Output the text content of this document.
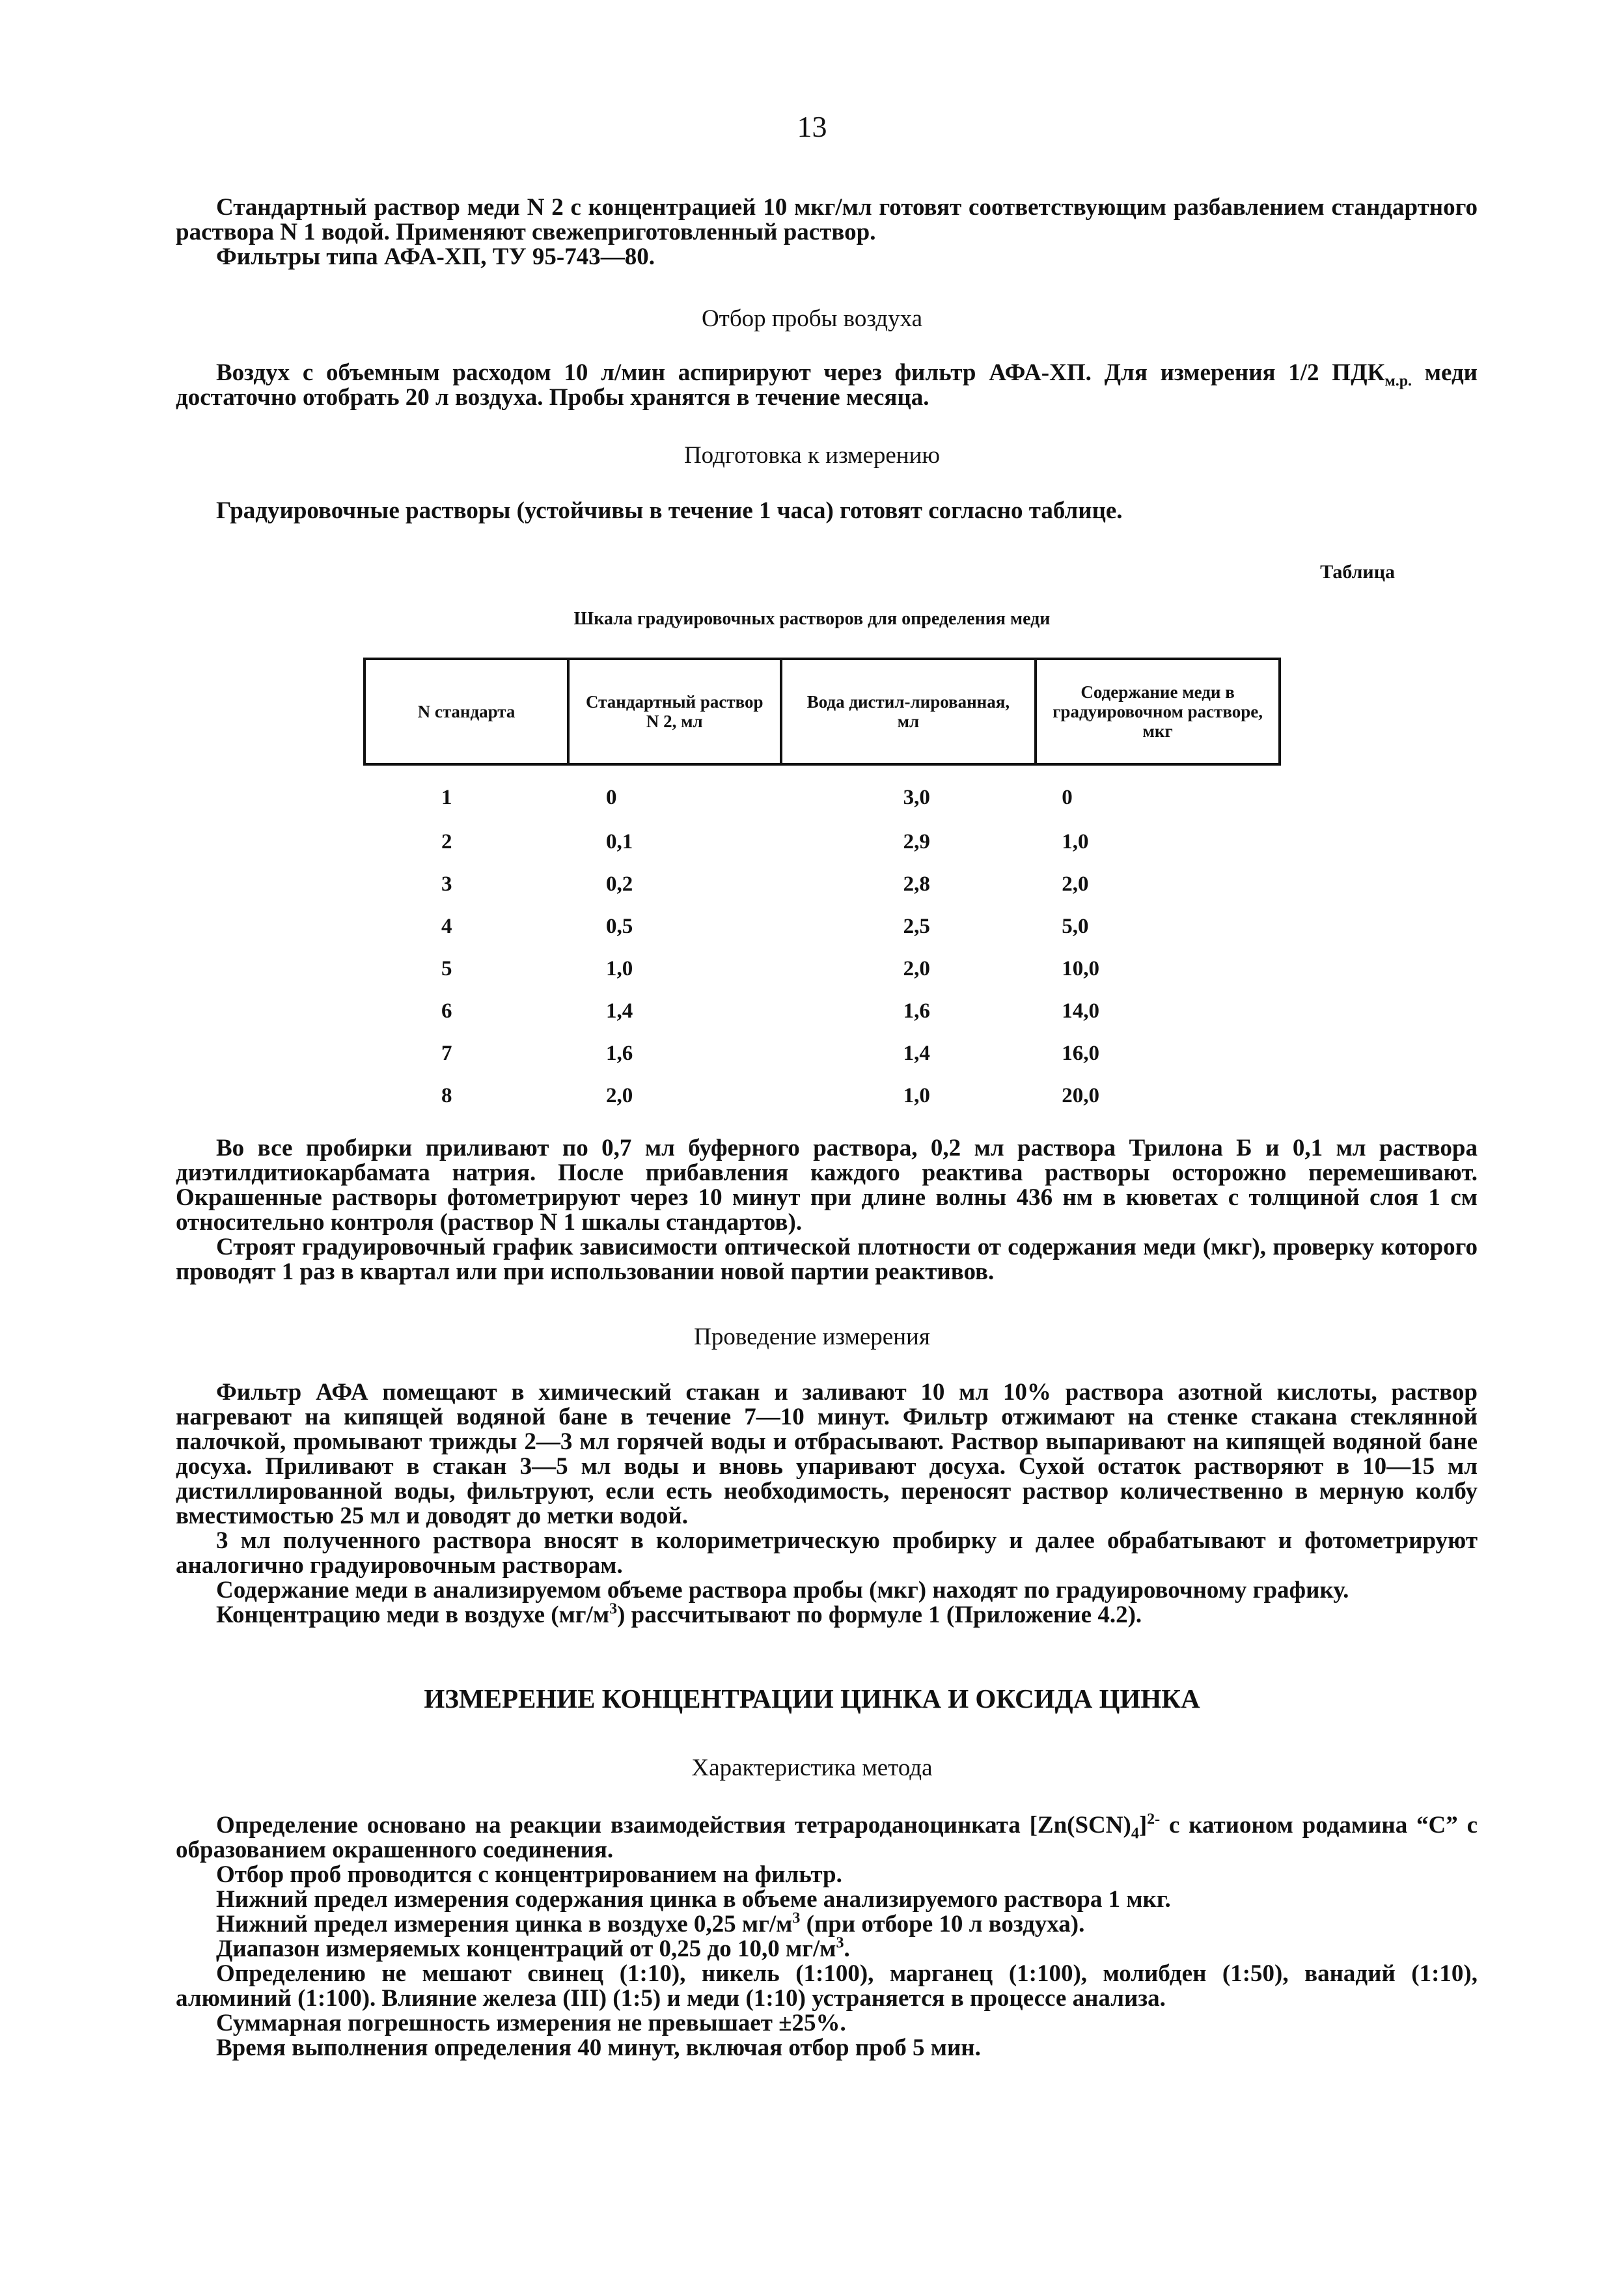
13

Стандартный раствор меди N 2 с концентрацией 10 мкг/мл готовят соответствующим разбавлением стандартного раствора N 1 водой. Применяют свежеприготовленный раствор.

Фильтры типа АФА-ХП, ТУ 95-743—80.

Отбор пробы воздуха

Воздух с объемным расходом 10 л/мин аспирируют через фильтр АФА-ХП. Для измерения 1/2 $ПДК_{м.р.}$ меди достаточно отобрать 20 л воздуха. Пробы хранятся в течение месяца.

Подготовка к измерению

Градуировочные растворы (устойчивы в течение 1 часа) готовят согласно таблице.

Таблица
Шкала градуировочных растворов для определения меди
N стандарта	Стандартный раствор N 2, мл	Вода дистил-лированная, мл	Содержание меди в градуировочном растворе, мкг
1	0	3,0	0
2	0,1	2,9	1,0
3	0,2	2,8	2,0
4	0,5	2,5	5,0
5	1,0	2,0	10,0
6	1,4	1,6	14,0
7	1,6	1,4	16,0
8	2,0	1,0	20,0

Во все пробирки приливают по 0,7 мл буферного раствора, 0,2 мл раствора Трилона Б и 0,1 мл раствора диэтилдитиокарбамата натрия. После прибавления каждого реактива растворы осторожно перемешивают. Окрашенные растворы фотометрируют через 10 минут при длине волны 436 нм в кюветах с толщиной слоя 1 см относительно контроля (раствор N 1 шкалы стандартов).

Строят градуировочный график зависимости оптической плотности от содержания меди (мкг), проверку которого проводят 1 раз в квартал или при использовании новой партии реактивов.

Проведение измерения

Фильтр АФА помещают в химический стакан и заливают 10 мл 10% раствора азотной кислоты, раствор нагревают на кипящей водяной бане в течение 7—10 минут. Фильтр отжимают на стенке стакана стеклянной палочкой, промывают трижды 2—3 мл горячей воды и отбрасывают. Раствор выпаривают на кипящей водяной бане досуха. Приливают в стакан 3—5 мл воды и вновь упаривают досуха. Сухой остаток растворяют в 10—15 мл дистиллированной воды, фильтруют, если есть необходимость, переносят раствор количественно в мерную колбу вместимостью 25 мл и доводят до метки водой.

3 мл полученного раствора вносят в колориметрическую пробирку и далее обрабатывают и фотометрируют аналогично градуировочным растворам.

Содержание меди в анализируемом объеме раствора пробы (мкг) находят по градуировочному графику.

Концентрацию меди в воздухе $(мг/м^3)$ рассчитывают по формуле 1 (Приложение 4.2).

ИЗМЕРЕНИЕ КОНЦЕНТРАЦИИ ЦИНКА И ОКСИДА ЦИНКА
Характеристика метода

Определение основано на реакции взаимодействия тетрароданоцинката $[Zn(SCN)_4]^{2-}$ с катионом родамина “С” с образованием окрашенного соединения.

Отбор проб проводится с концентрированием на фильтр.

Нижний предел измерения содержания цинка в объеме анализируемого раствора 1 мкг.

Нижний предел измерения цинка в воздухе 0,25 $мг/м^3$ (при отборе 10 л воздуха).

Диапазон измеряемых концентраций от 0,25 до 10,0 $мг/м^3$.

Определению не мешают свинец (1:10), никель (1:100), марганец (1:100), молибден (1:50), ванадий (1:10), алюминий (1:100). Влияние железа (III) (1:5) и меди (1:10) устраняется в процессе анализа.

Суммарная погрешность измерения не превышает ±25%.

Время выполнения определения 40 минут, включая отбор проб 5 мин.
